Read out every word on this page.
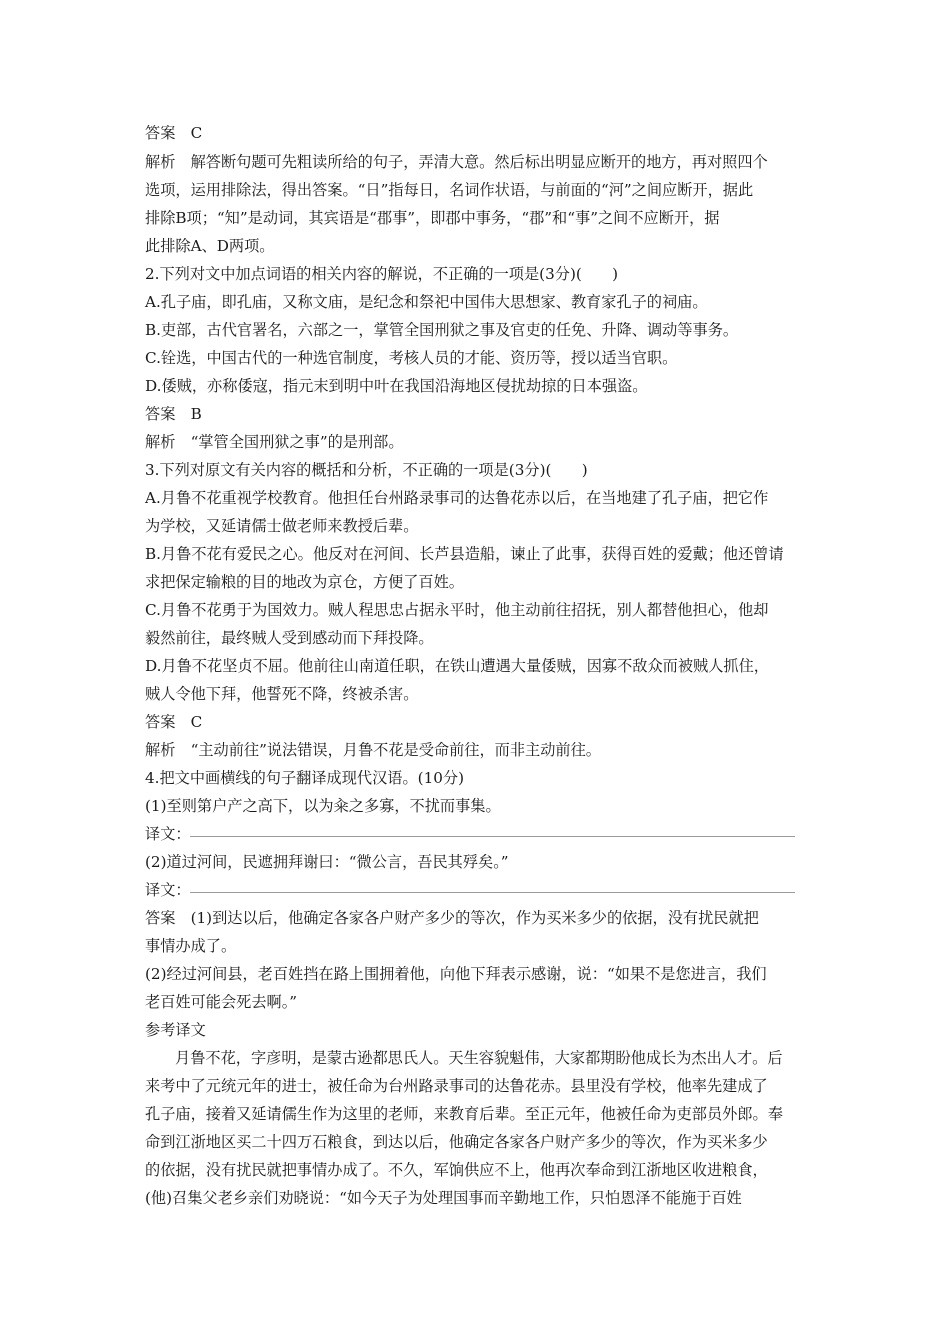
答案　C
解析　解答断句题可先粗读所给的句子，弄清大意。然后标出明显应断开的地方，再对照四个
选项，运用排除法，得出答案。“日”指每日，名词作状语，与前面的“河”之间应断开，据此
排除B项；“知”是动词，其宾语是“郡事”，即郡中事务，“郡”和“事”之间不应断开，据
此排除A、D两项。
2.下列对文中加点词语的相关内容的解说，不正确的一项是(3分)(　　)
A.孔子庙，即孔庙，又称文庙，是纪念和祭祀中国伟大思想家、教育家孔子的祠庙。
B.吏部，古代官署名，六部之一，掌管全国刑狱之事及官吏的任免、升降、调动等事务。
C.铨选，中国古代的一种选官制度，考核人员的才能、资历等，授以适当官职。
D.倭贼，亦称倭寇，指元末到明中叶在我国沿海地区侵扰劫掠的日本强盗。
答案　B
解析　“掌管全国刑狱之事”的是刑部。
3.下列对原文有关内容的概括和分析，不正确的一项是(3分)(　　)
A.月鲁不花重视学校教育。他担任台州路录事司的达鲁花赤以后，在当地建了孔子庙，把它作
为学校，又延请儒士做老师来教授后辈。
B.月鲁不花有爱民之心。他反对在河间、长芦县造船，谏止了此事，获得百姓的爱戴；他还曾请
求把保定输粮的目的地改为京仓，方便了百姓。
C.月鲁不花勇于为国效力。贼人程思忠占据永平时，他主动前往招抚，别人都替他担心，他却
毅然前往，最终贼人受到感动而下拜投降。
D.月鲁不花坚贞不屈。他前往山南道任职，在铁山遭遇大量倭贼，因寡不敌众而被贼人抓住，
贼人令他下拜，他誓死不降，终被杀害。
答案　C
解析　“主动前往”说法错误，月鲁不花是受命前往，而非主动前往。
4.把文中画横线的句子翻译成现代汉语。(10分)
(1)至则第户产之高下，以为籴之多寡，不扰而事集。
译文：
(2)道过河间，民遮拥拜谢曰：“微公言，吾民其殍矣。”
译文：
答案　(1)到达以后，他确定各家各户财产多少的等次，作为买米多少的依据，没有扰民就把
事情办成了。
(2)经过河间县，老百姓挡在路上围拥着他，向他下拜表示感谢，说：“如果不是您进言，我们
老百姓可能会死去啊。”
参考译文
月鲁不花，字彦明，是蒙古逊都思氏人。天生容貌魁伟，大家都期盼他成长为杰出人才。后
来考中了元统元年的进士，被任命为台州路录事司的达鲁花赤。县里没有学校，他率先建成了
孔子庙，接着又延请儒生作为这里的老师，来教育后辈。至正元年，他被任命为吏部员外郎。奉
命到江浙地区买二十四万石粮食，到达以后，他确定各家各户财产多少的等次，作为买米多少
的依据，没有扰民就把事情办成了。不久，军饷供应不上，他再次奉命到江浙地区收进粮食，
(他)召集父老乡亲们劝晓说：“如今天子为处理国事而辛勤地工作，只怕恩泽不能施于百姓
